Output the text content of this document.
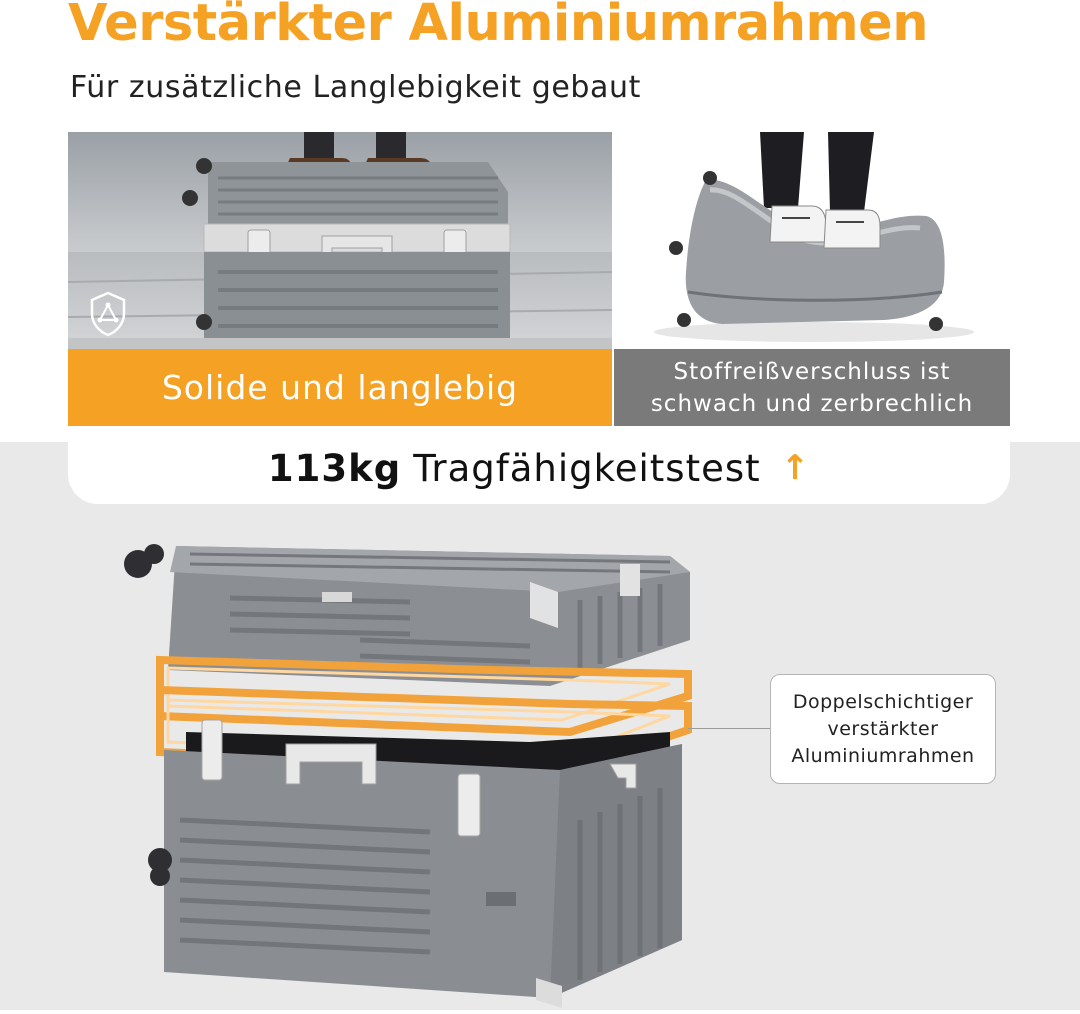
Verstärkter Aluminiumrahmen
Für zusätzliche Langlebigkeit gebaut
Solide und langlebig	Stoffreißverschluss ist
schwach und zerbrechlich
113kg Tragfähigkeitstest ↑
Doppelschichtiger
verstärkter
Aluminiumrahmen
